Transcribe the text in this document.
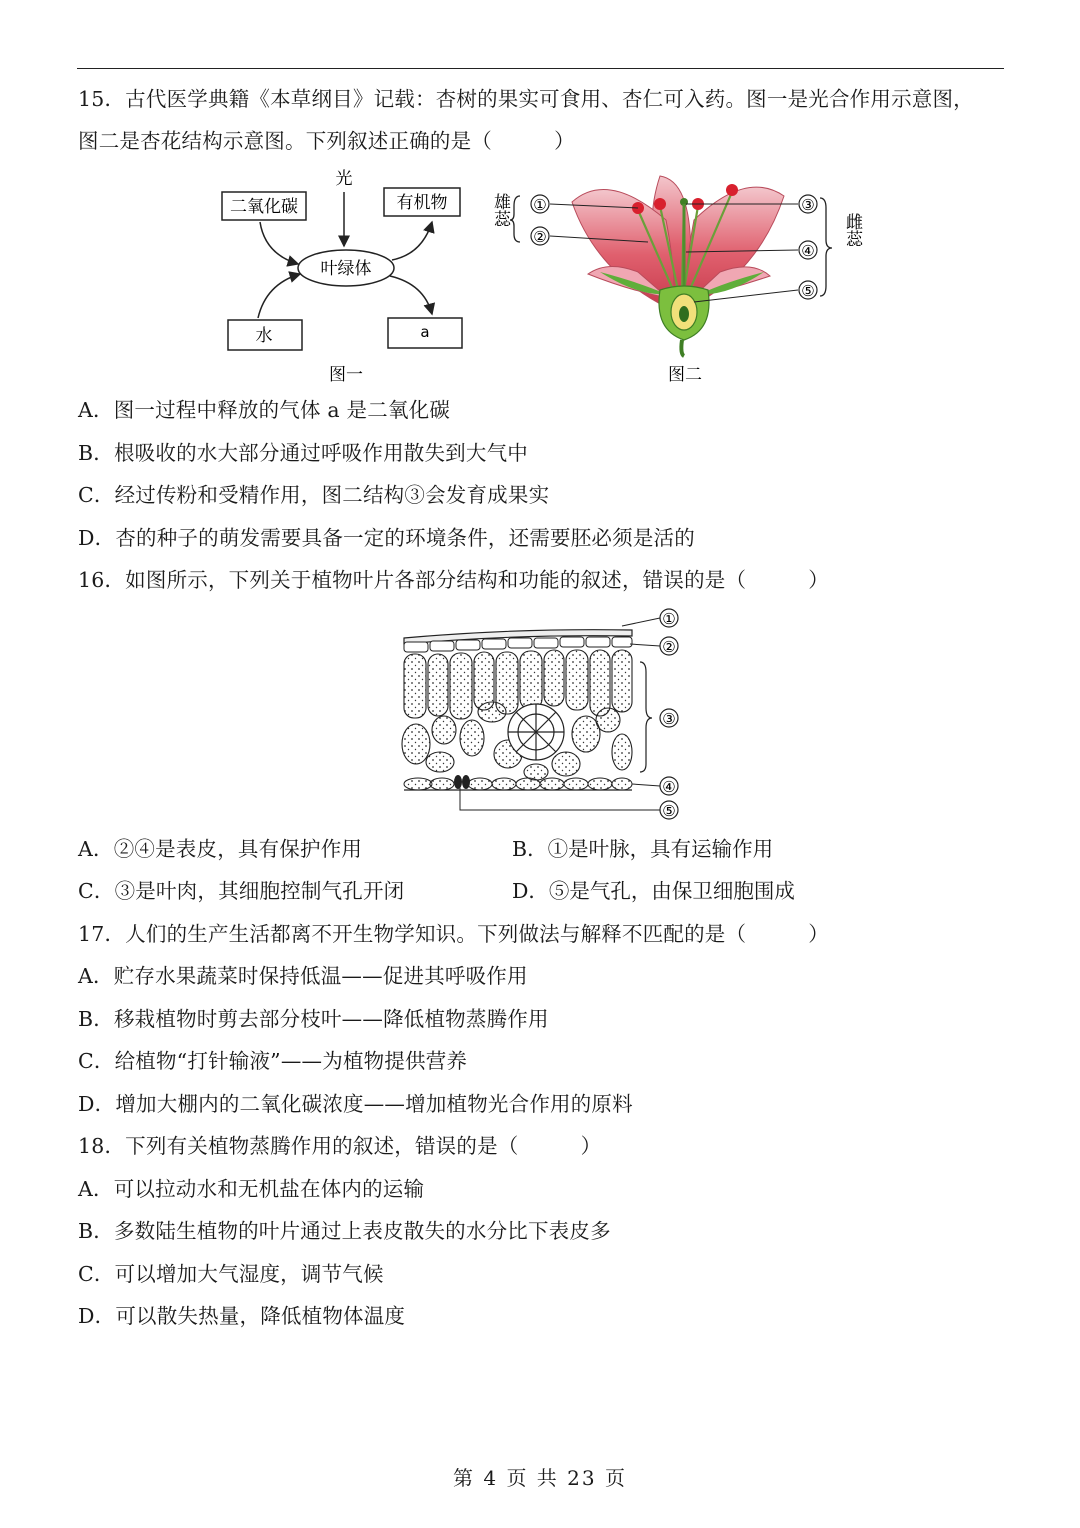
15．古代医学典籍《本草纲目》记载：杏树的果实可食用、杏仁可入药。图一是光合作用示意图，
图二是杏花结构示意图。下列叙述正确的是（　　　）
二氧化碳
光
有机物
叶绿体
水	a
图一
雄蕊 ①
②
③
④
⑤
雌蕊
图二
A．图一过程中释放的气体 a 是二氧化碳
B．根吸收的水大部分通过呼吸作用散失到大气中
C．经过传粉和受精作用，图二结构③会发育成果实
D．杏的种子的萌发需要具备一定的环境条件，还需要胚必须是活的
16．如图所示，下列关于植物叶片各部分结构和功能的叙述，错误的是（　　　）
①
②
③
④
⑤
A．②④是表皮，具有保护作用	B．①是叶脉，具有运输作用
C．③是叶肉，其细胞控制气孔开闭	D．⑤是气孔，由保卫细胞围成
17．人们的生产生活都离不开生物学知识。下列做法与解释不匹配的是（　　　）
A．贮存水果蔬菜时保持低温——促进其呼吸作用
B．移栽植物时剪去部分枝叶——降低植物蒸腾作用
C．给植物“打针输液”——为植物提供营养
D．增加大棚内的二氧化碳浓度——增加植物光合作用的原料
18．下列有关植物蒸腾作用的叙述，错误的是（　　　）
A．可以拉动水和无机盐在体内的运输
B．多数陆生植物的叶片通过上表皮散失的水分比下表皮多
C．可以增加大气湿度，调节气候
D．可以散失热量，降低植物体温度
第 4 页 共 23 页
